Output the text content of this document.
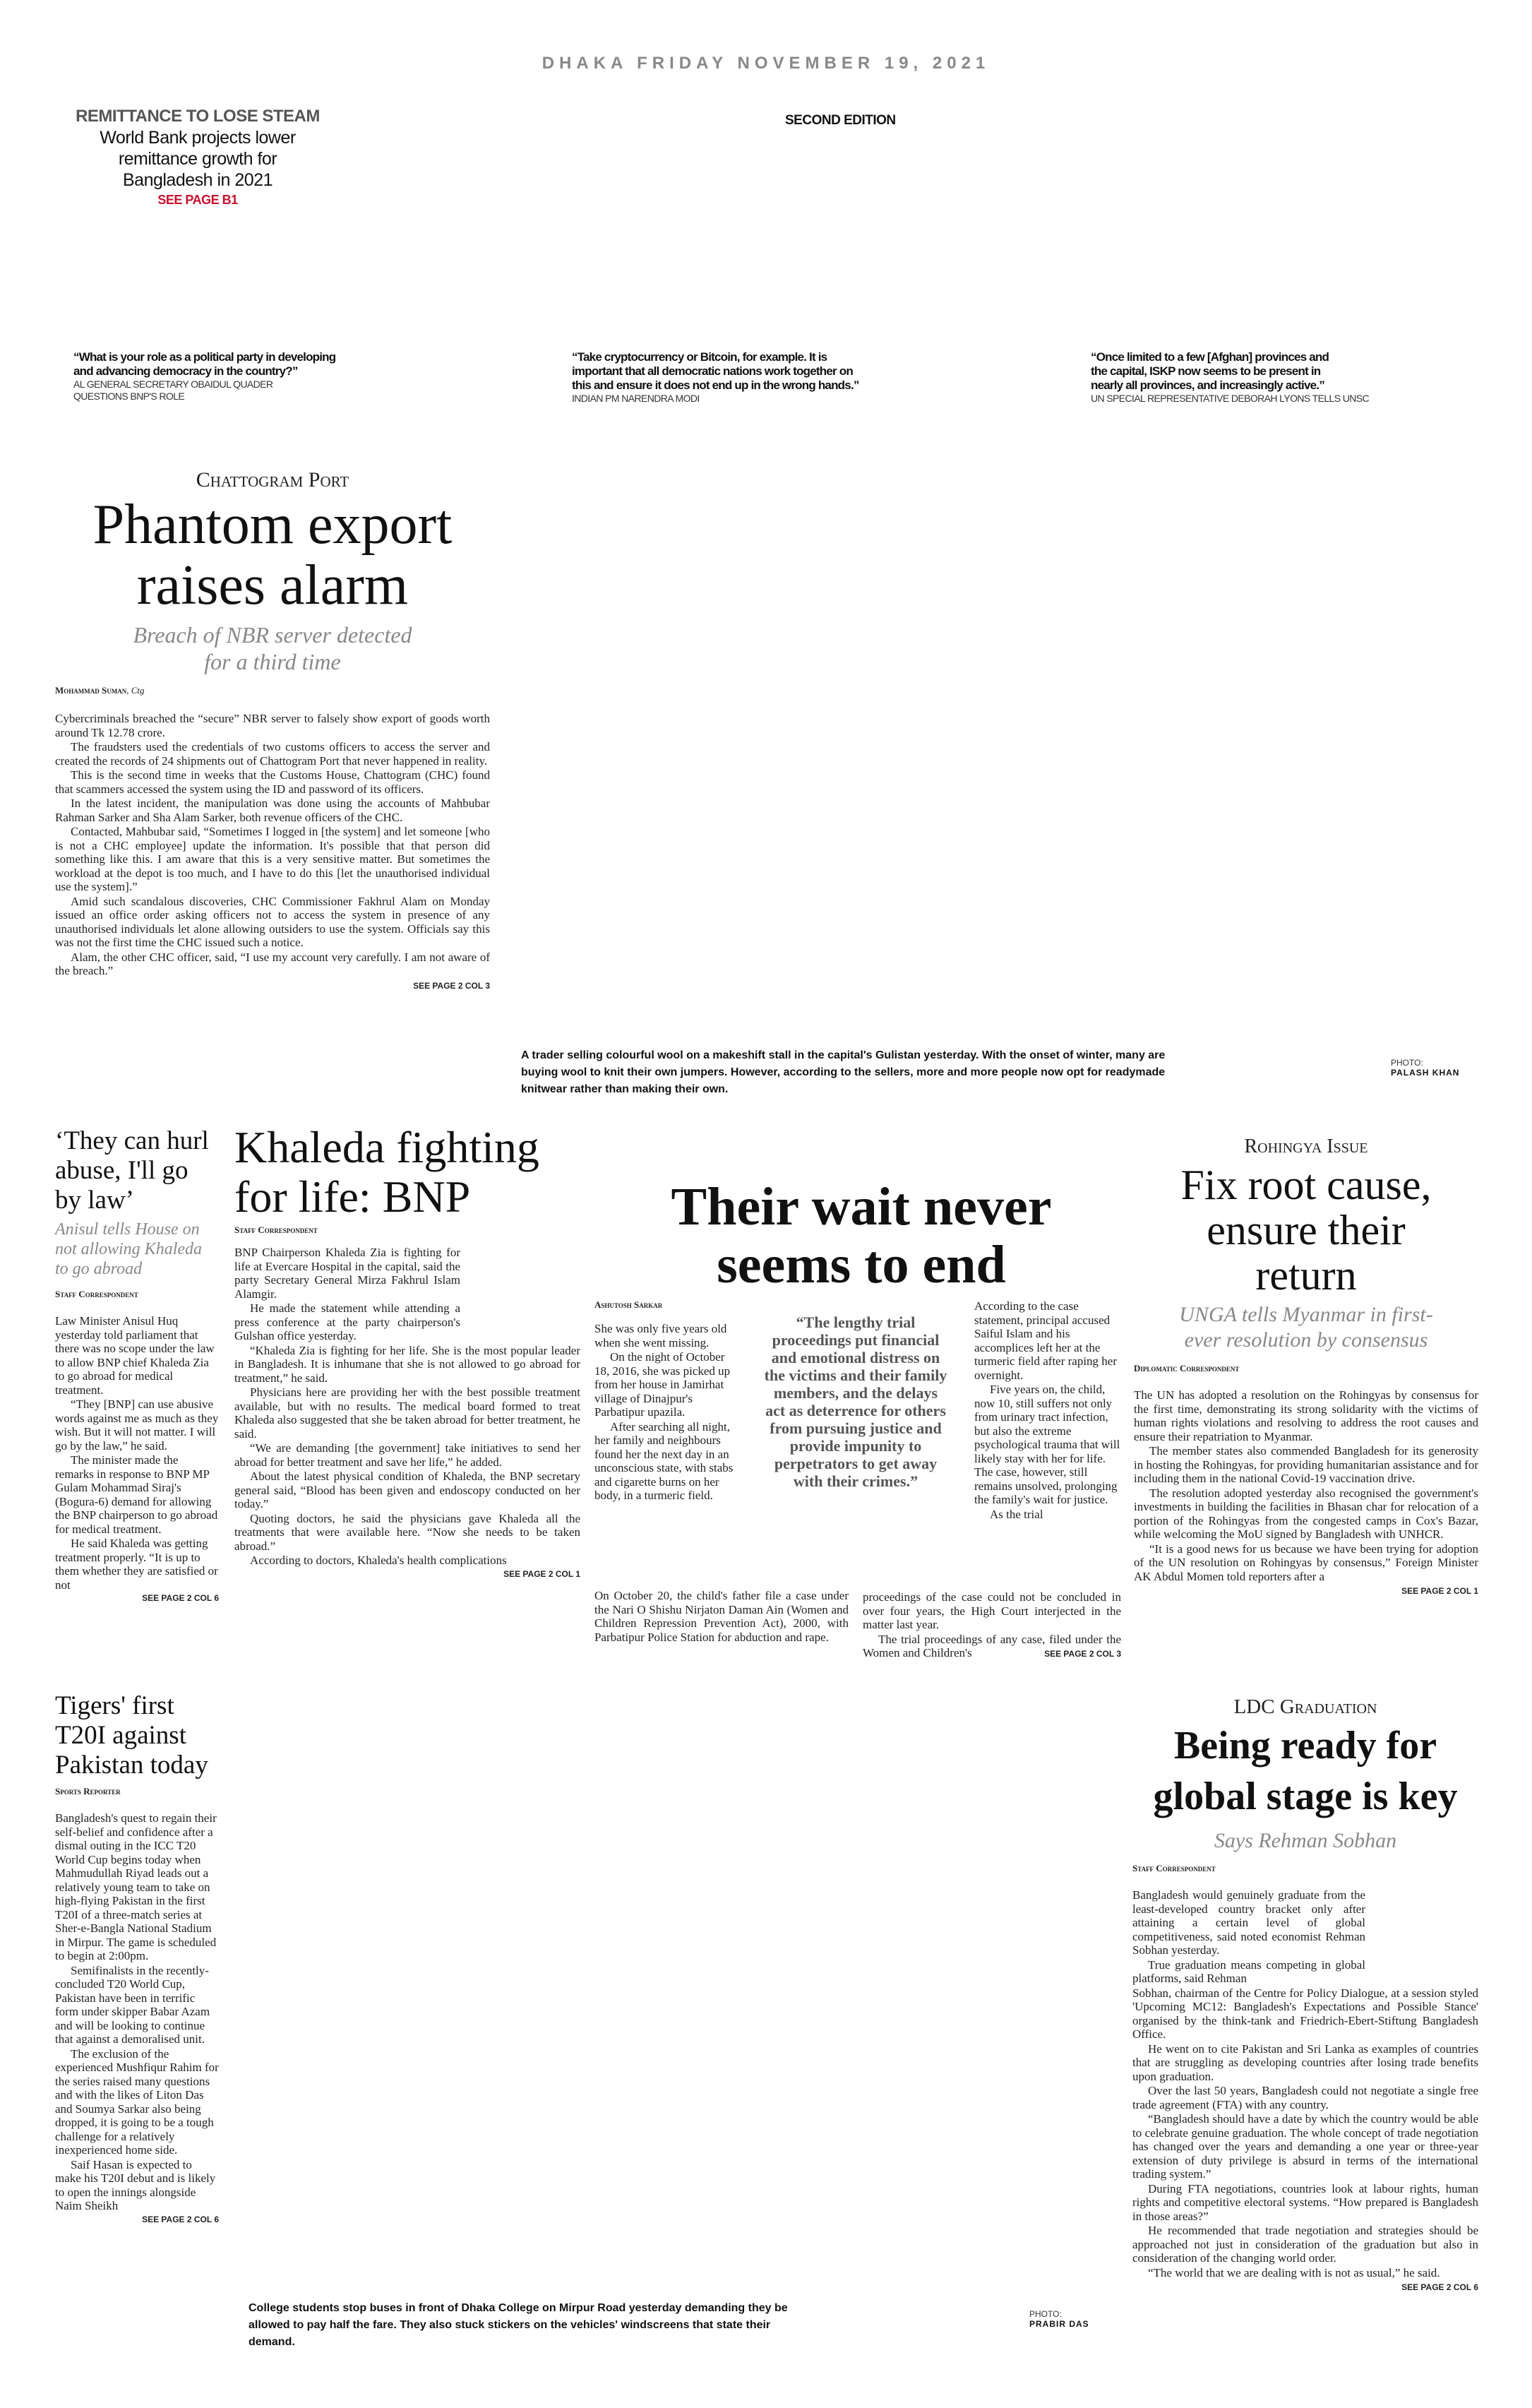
DHAKA FRIDAY NOVEMBER 19, 2021
SECOND EDITION
REMITTANCE TO LOSE STEAM
World Bank projects lower
remittance growth for
Bangladesh in 2021
SEE PAGE B1
“What is your role as a political party in developing
and advancing democracy in the country?”
AL GENERAL SECRETARY OBAIDUL QUADER
QUESTIONS BNP'S ROLE
“Take cryptocurrency or Bitcoin, for example. It is
important that all democratic nations work together on
this and ensure it does not end up in the wrong hands.”
INDIAN PM NARENDRA MODI
“Once limited to a few [Afghan] provinces and
the capital, ISKP now seems to be present in
nearly all provinces, and increasingly active.”
UN SPECIAL REPRESENTATIVE DEBORAH LYONS TELLS UNSC
Chattogram Port
Phantom export
raises alarm
Breach of NBR server detected
for a third time
Mohammad Suman, Ctg

Cybercriminals breached the “secure” NBR server to falsely show export of goods worth around Tk 12.78 crore.

The fraudsters used the credentials of two customs officers to access the server and created the records of 24 shipments out of Chattogram Port that never happened in reality.

This is the second time in weeks that the Customs House, Chattogram (CHC) found that scammers accessed the system using the ID and password of its officers.

In the latest incident, the manipulation was done using the accounts of Mahbubar Rahman Sarker and Sha Alam Sarker, both revenue officers of the CHC.

Contacted, Mahbubar said, “Sometimes I logged in [the system] and let someone [who is not a CHC employee] update the information. It's possible that that person did something like this. I am aware that this is a very sensitive matter. But sometimes the workload at the depot is too much, and I have to do this [let the unauthorised individual use the system].”

Amid such scandalous discoveries, CHC Commissioner Fakhrul Alam on Monday issued an office order asking officers not to access the system in presence of any unauthorised individuals let alone allowing outsiders to use the system. Officials say this was not the first time the CHC issued such a notice.

Alam, the other CHC officer, said, “I use my account very carefully. I am not aware of the breach.”

SEE PAGE 2 COL 3
A trader selling colourful wool on a makeshift stall in the capital's Gulistan yesterday. With the onset of winter, many are
buying wool to knit their own jumpers. However, according to the sellers, more and more people now opt for readymade
knitwear rather than making their own.
PHOTO:
PALASH KHAN
‘They can hurl
abuse, I'll go
by law’
Anisul tells House on
not allowing Khaleda
to go abroad
Staff Correspondent

Law Minister Anisul Huq yesterday told parliament that there was no scope under the law to allow BNP chief Khaleda Zia to go abroad for medical treatment.

“They [BNP] can use abusive words against me as much as they wish. But it will not matter. I will go by the law,” he said.

The minister made the remarks in response to BNP MP Gulam Mohammad Siraj's (Bogura-6) demand for allowing the BNP chairperson to go abroad for medical treatment.

He said Khaleda was getting treatment properly. “It is up to them whether they are satisfied or not

SEE PAGE 2 COL 6
Khaleda fighting
for life: BNP
Staff Correspondent

BNP Chairperson Khaleda Zia is fighting for life at Evercare Hospital in the capital, said the party Secretary General Mirza Fakhrul Islam Alamgir.

He made the statement while attending a press conference at the party chairperson's Gulshan office yesterday.

“Khaleda Zia is fighting for her life. She is the most popular leader in Bangladesh. It is inhumane that she is not allowed to go abroad for treatment,” he said.

Physicians here are providing her with the best possible treatment available, but with no results. The medical board formed to treat Khaleda also suggested that she be taken abroad for better treatment, he said.

“We are demanding [the government] take initiatives to send her abroad for better treatment and save her life,” he added.

About the latest physical condition of Khaleda, the BNP secretary general said, “Blood has been given and endoscopy conducted on her today.”

Quoting doctors, he said the physicians gave Khaleda all the treatments that were available here. “Now she needs to be taken abroad.”

According to doctors, Khaleda's health complications

SEE PAGE 2 COL 1
Their wait never
seems to end
Ashutosh Sarkar

She was only five years old when she went missing.

On the night of October 18, 2016, she was picked up from her house in Jamirhat village of Dinajpur's Parbatipur upazila.

After searching all night, her family and neighbours found her the next day in an unconscious state, with stabs and cigarette burns on her body, in a turmeric field.

“The lengthy trial proceedings put financial and emotional distress on the victims and their family members, and the delays act as deterrence for others from pursuing justice and provide impunity to perpetrators to get away with their crimes.”

On October 20, the child's father file a case under the Nari O Shishu Nirjaton Daman Ain (Women and Children Repression Prevention Act), 2000, with Parbatipur Police Station for abduction and rape.

According to the case statement, principal accused Saiful Islam and his accomplices left her at the turmeric field after raping her overnight.

Five years on, the child, now 10, still suffers not only from urinary tract infection, but also the extreme psychological trauma that will likely stay with her for life. The case, however, still remains unsolved, prolonging the family's wait for justice.

As the trial

proceedings of the case could not be concluded in over four years, the High Court interjected in the matter last year.

The trial proceedings of any case, filed under the Women and Children's	SEE PAGE 2 COL 3
Rohingya Issue
Fix root cause,
ensure their
return
UNGA tells Myanmar in first-
ever resolution by consensus
Diplomatic Correspondent

The UN has adopted a resolution on the Rohingyas by consensus for the first time, demonstrating its strong solidarity with the victims of human rights violations and resolving to address the root causes and ensure their repatriation to Myanmar.

The member states also commended Bangladesh for its generosity in hosting the Rohingyas, for providing humanitarian assistance and for including them in the national Covid-19 vaccination drive.

The resolution adopted yesterday also recognised the government's investments in building the facilities in Bhasan char for relocation of a portion of the Rohingyas from the congested camps in Cox's Bazar, while welcoming the MoU signed by Bangladesh with UNHCR.

“It is a good news for us because we have been trying for adoption of the UN resolution on Rohingyas by consensus,” Foreign Minister AK Abdul Momen told reporters after a

SEE PAGE 2 COL 1
Tigers' first
T20I against
Pakistan today
Sports Reporter

Bangladesh's quest to regain their self-belief and confidence after a dismal outing in the ICC T20 World Cup begins today when Mahmudullah Riyad leads out a relatively young team to take on high-flying Pakistan in the first T20I of a three-match series at Sher-e-Bangla National Stadium in Mirpur. The game is scheduled to begin at 2:00pm.

Semifinalists in the recently-concluded T20 World Cup, Pakistan have been in terrific form under skipper Babar Azam and will be looking to continue that against a demoralised unit.

The exclusion of the experienced Mushfiqur Rahim for the series raised many questions and with the likes of Liton Das and Soumya Sarkar also being dropped, it is going to be a tough challenge for a relatively inexperienced home side.

Saif Hasan is expected to make his T20I debut and is likely to open the innings alongside Naim Sheikh

SEE PAGE 2 COL 6
College students stop buses in front of Dhaka College on Mirpur Road yesterday demanding they be
allowed to pay half the fare. They also stuck stickers on the vehicles' windscreens that state their
demand.
PHOTO:
PRABIR DAS
LDC Graduation
Being ready for
global stage is key
Says Rehman Sobhan
Staff Correspondent

Bangladesh would genuinely graduate from the least-developed country bracket only after attaining a certain level of global competitiveness, said noted economist Rehman Sobhan yesterday.

True graduation means competing in global platforms, said Rehman

Sobhan, chairman of the Centre for Policy Dialogue, at a session styled 'Upcoming MC12: Bangladesh's Expectations and Possible Stance' organised by the think-tank and Friedrich-Ebert-Stiftung Bangladesh Office.

He went on to cite Pakistan and Sri Lanka as examples of countries that are struggling as developing countries after losing trade benefits upon graduation.

Over the last 50 years, Bangladesh could not negotiate a single free trade agreement (FTA) with any country.

“Bangladesh should have a date by which the country would be able to celebrate genuine graduation. The whole concept of trade negotiation has changed over the years and demanding a one year or three-year extension of duty privilege is absurd in terms of the international trading system.”

During FTA negotiations, countries look at labour rights, human rights and competitive electoral systems. “How prepared is Bangladesh in those areas?”

He recommended that trade negotiation and strategies should be approached not just in consideration of the graduation but also in consideration of the changing world order.

“The world that we are dealing with is not as usual,” he said.

SEE PAGE 2 COL 6
